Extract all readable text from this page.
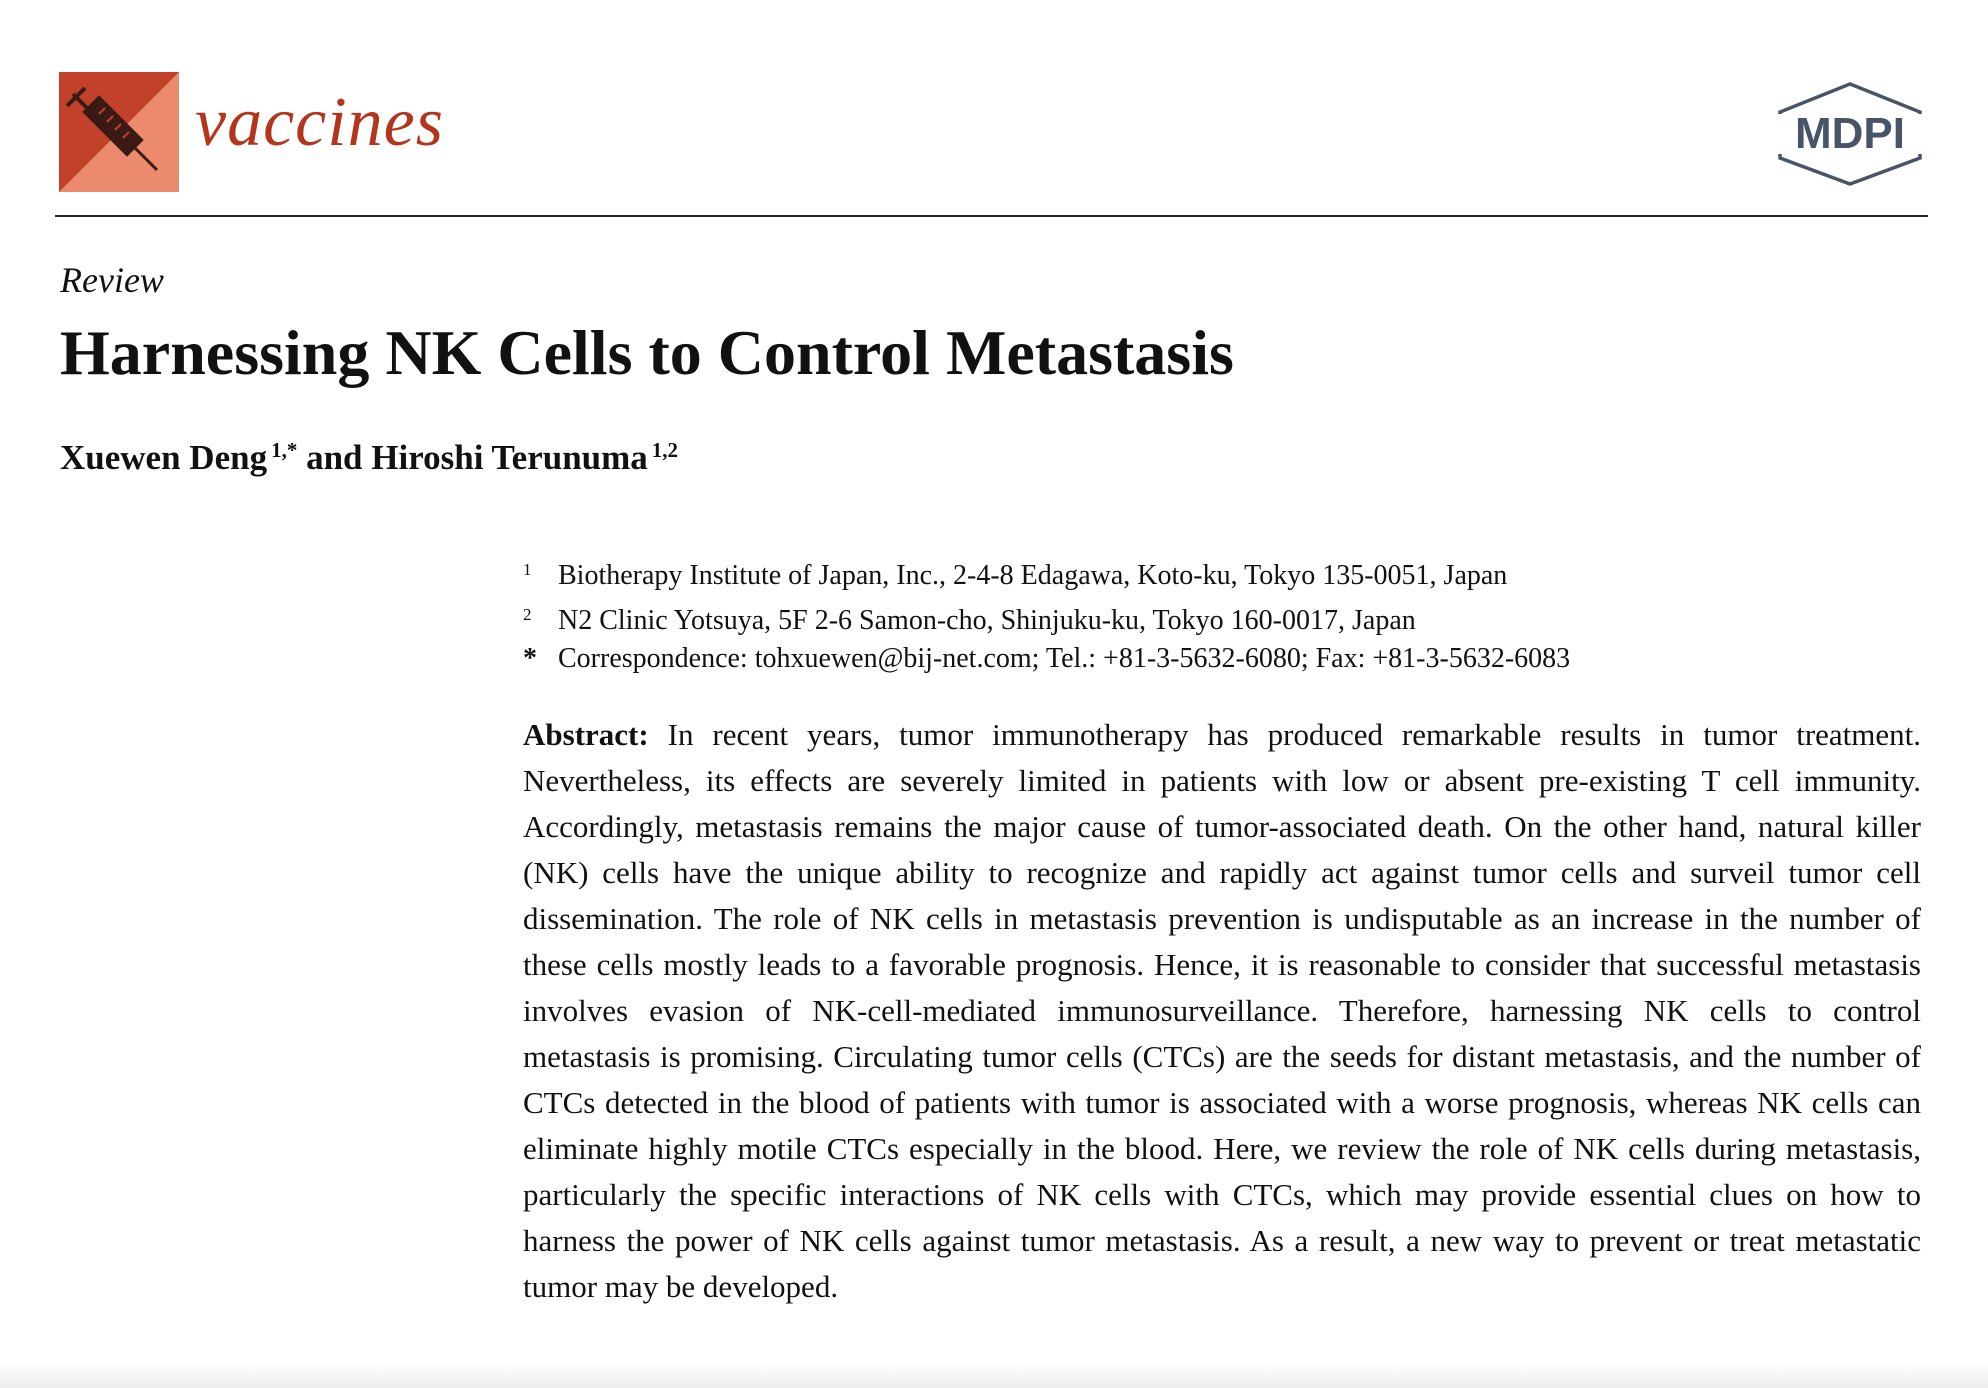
vaccines	MDPI
Review
Harnessing NK Cells to Control Metastasis
Xuewen Deng $^{1,*}$ and Hiroshi Terunuma $^{1,2}$
1 Biotherapy Institute of Japan, Inc., 2-4-8 Edagawa, Koto-ku, Tokyo 135-0051, Japan
2 N2 Clinic Yotsuya, 5F 2-6 Samon-cho, Shinjuku-ku, Tokyo 160-0017, Japan
* Correspondence: tohxuewen@bij-net.com; Tel.: +81-3-5632-6080; Fax: +81-3-5632-6083

Abstract: In recent years, tumor immunotherapy has produced remarkable results in tumor treatment. Nevertheless, its effects are severely limited in patients with low or absent pre-existing T cell immunity. Accordingly, metastasis remains the major cause of tumor-associated death. On the other hand, natural killer (NK) cells have the unique ability to recognize and rapidly act against tumor cells and surveil tumor cell dissemination. The role of NK cells in metastasis prevention is undisputable as an increase in the number of these cells mostly leads to a favorable prognosis. Hence, it is reasonable to consider that successful metastasis involves evasion of NK-cell-mediated immunosurveillance. Therefore, harnessing NK cells to control metastasis is promising. Circulating tumor cells (CTCs) are the seeds for distant metastasis, and the number of CTCs detected in the blood of patients with tumor is associated with a worse prognosis, whereas NK cells can eliminate highly motile CTCs especially in the blood. Here, we review the role of NK cells during metastasis, particularly the specific interactions of NK cells with CTCs, which may provide essential clues on how to harness the power of NK cells against tumor metastasis. As a result, a new way to prevent or treat metastatic tumor may be developed.
